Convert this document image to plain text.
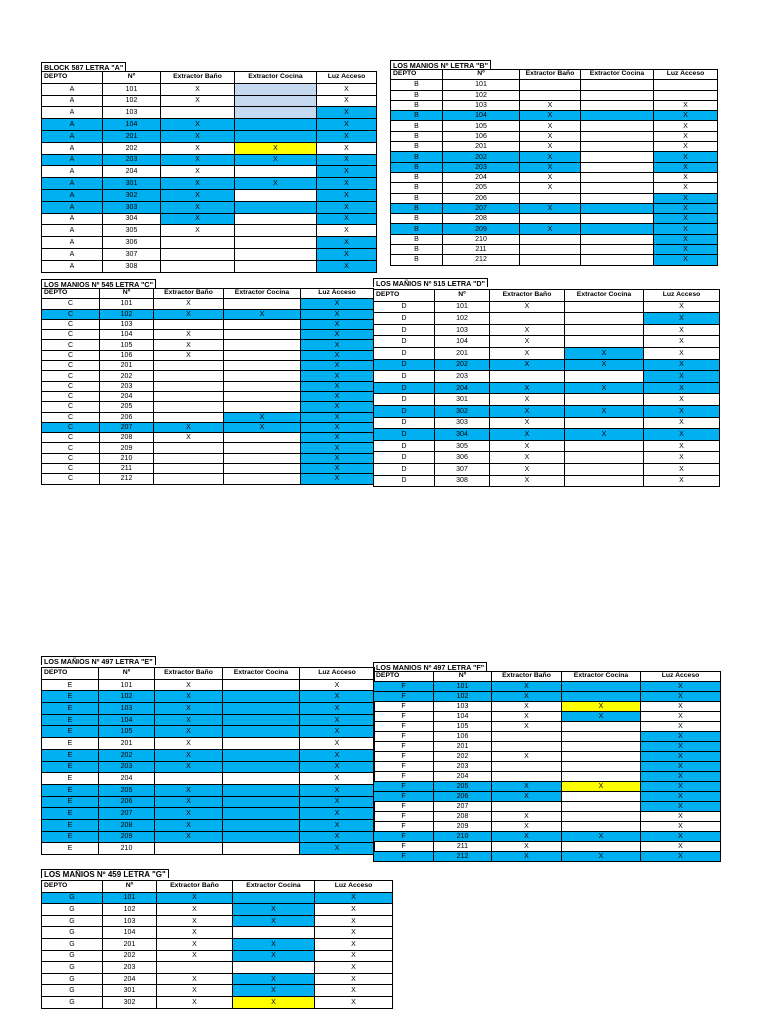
BLOCK 587 LETRA "A"
DEPTO	Nº	Extractor Baño	Extractor Cocina	Luz Acceso
A	101	X		X
A	102	X		X
A	103			X
A	104	X		X
A	201	X		X
A	202	X	X	X
A	203	X	X	X
A	204	X		X
A	301	X	X	X
A	302	X		X
A	303	X		X
A	304	X		X
A	305	X		X
A	306			X
A	307			X
A	308			X
LOS MANIOS Nº LETRA "B"
DEPTO	Nº	Extractor Baño	Extractor Cocina	Luz Acceso
B	101			
B	102			
B	103	X		X
B	104	X		X
B	105	X		X
B	106	X		X
B	201	X		X
B	202	X		X
B	203	X		X
B	204	X		X
B	205	X		X
B	206			X
B	207	X		X
B	208			X
B	209	X		X
B	210			X
B	211			X
B	212			X
LOS MANIOS Nº 545 LETRA "C"
DEPTO	Nº	Extractor Baño	Extractor Cocina	Luz Acceso
C	101	X		X
C	102	X	X	X
C	103			X
C	104	X		X
C	105	X		X
C	106	X		X
C	201			X
C	202			X
C	203			X
C	204			X
C	205			X
C	206		X	X
C	207	X	X	X
C	208	X		X
C	209			X
C	210			X
C	211			X
C	212			X
LOS MAÑIOS Nº 515 LETRA "D"
DEPTO	Nº	Extractor Baño	Extractor Cocina	Luz Acceso
D	101	X		X
D	102			X
D	103	X		X
D	104	X		X
D	201	X	X	X
D	202	X	X	X
D	203			X
D	204	X	X	X
D	301	X		X
D	302	X	X	X
D	303	X		X
D	304	X	X	X
D	305	X		X
D	306	X		X
D	307	X		X
D	308	X		X
LOS MAÑIOS Nº 497 LETRA "E"
DEPTO	Nº	Extractor Baño	Extractor Cocina	Luz Acceso
E	101	X		X
E	102	X		X
E	103	X		X
E	104	X		X
E	105	X		X
E	201	X		X
E	202	X		X
E	203	X		X
E	204			X
E	205	X		X
E	206	X		X
E	207	X		X
E	208	X		X
E	209	X		X
E	210			X
LOS MANIOS Nº 497 LETRA "F"
DEPTO	Nº	Extractor Baño	Extractor Cocina	Luz Acceso
F	101	X		X
F	102	X		X
F	103	X	X	X
F	104	X	X	X
F	105	X		X
F	106			X
F	201			X
F	202	X		X
F	203			X
F	204			X
F	205	X	X	X
F	206	X		X
F	207			X
F	208	X		X
F	209	X		X
F	210	X	X	X
F	211	X		X
F	212	X	X	X
LOS MAÑIOS Nº 459 LETRA "G"
DEPTO	Nº	Extractor Baño	Extractor Cocina	Luz Acceso
G	101	X		X
G	102	X	X	X
G	103	X	X	X
G	104	X		X
G	201	X	X	X
G	202	X	X	X
G	203			X
G	204	X	X	X
G	301	X	X	X
G	302	X	X	X
